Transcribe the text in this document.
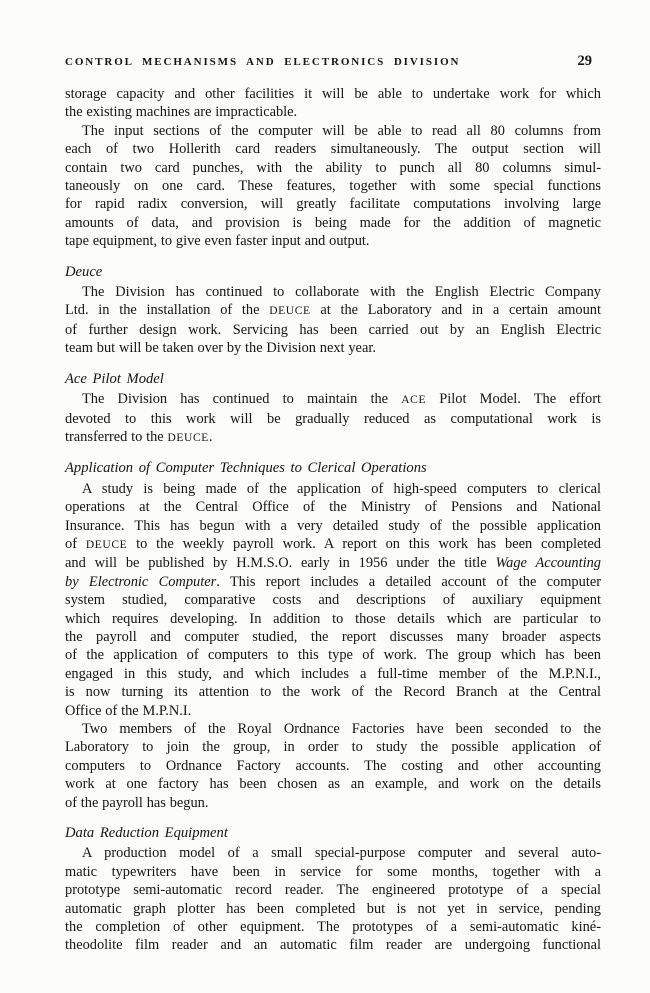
CONTROL MECHANISMS AND ELECTRONICS DIVISION	29
storage capacity and other facilities it will be able to undertake work for which
the existing machines are impracticable.
The input sections of the computer will be able to read all 80 columns from
each of two Hollerith card readers simultaneously. The output section will
contain two card punches, with the ability to punch all 80 columns simul-
taneously on one card. These features, together with some special functions
for rapid radix conversion, will greatly facilitate computations involving large
amounts of data, and provision is being made for the addition of magnetic
tape equipment, to give even faster input and output.
Deuce
The Division has continued to collaborate with the English Electric Company
Ltd. in the installation of the DEUCE at the Laboratory and in a certain amount
of further design work. Servicing has been carried out by an English Electric
team but will be taken over by the Division next year.
Ace Pilot Model
The Division has continued to maintain the ACE Pilot Model. The effort
devoted to this work will be gradually reduced as computational work is
transferred to the DEUCE.
Application of Computer Techniques to Clerical Operations
A study is being made of the application of high-speed computers to clerical
operations at the Central Office of the Ministry of Pensions and National
Insurance. This has begun with a very detailed study of the possible application
of DEUCE to the weekly payroll work. A report on this work has been completed
and will be published by H.M.S.O. early in 1956 under the title Wage Accounting
by Electronic Computer. This report includes a detailed account of the computer
system studied, comparative costs and descriptions of auxiliary equipment
which requires developing. In addition to those details which are particular to
the payroll and computer studied, the report discusses many broader aspects
of the application of computers to this type of work. The group which has been
engaged in this study, and which includes a full-time member of the M.P.N.I.,
is now turning its attention to the work of the Record Branch at the Central
Office of the M.P.N.I.
Two members of the Royal Ordnance Factories have been seconded to the
Laboratory to join the group, in order to study the possible application of
computers to Ordnance Factory accounts. The costing and other accounting
work at one factory has been chosen as an example, and work on the details
of the payroll has begun.
Data Reduction Equipment
A production model of a small special-purpose computer and several auto-
matic typewriters have been in service for some months, together with a
prototype semi-automatic record reader. The engineered prototype of a special
automatic graph plotter has been completed but is not yet in service, pending
the completion of other equipment. The prototypes of a semi-automatic kiné-
theodolite film reader and an automatic film reader are undergoing functional
